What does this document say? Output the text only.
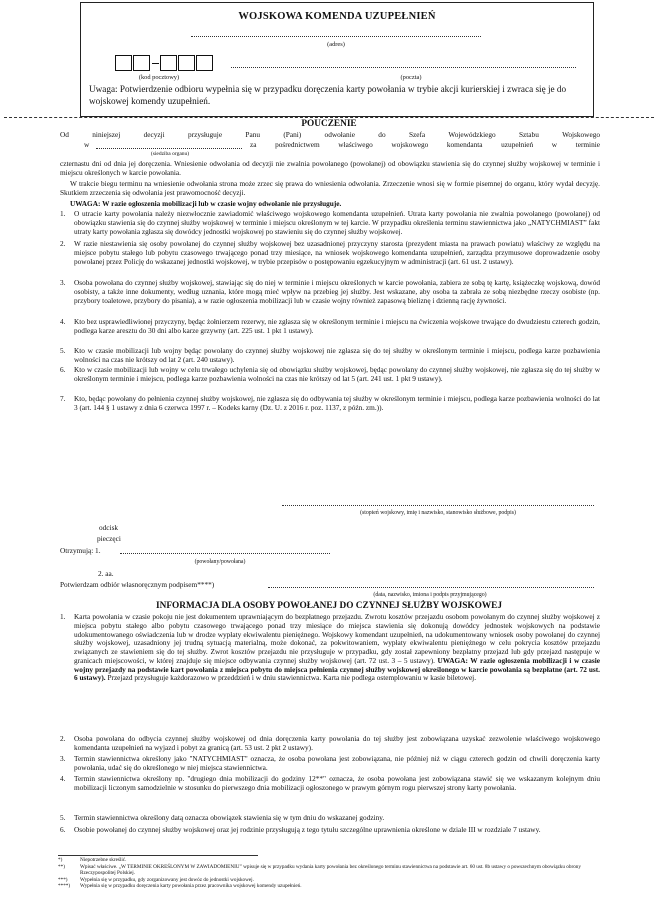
WOJSKOWA KOMENDA UZUPEŁNIEŃ
(adres)
(kod pocztowy)	(poczta)
Uwaga: Potwierdzenie odbioru wypełnia się w przypadku doręczenia karty powołania w trybie akcji kurierskiej i zwraca się je do wojskowej komendy uzupełnień.
POUCZENIE
Od niniejszej decyzji przysługuje Panu (Pani) odwołanie do Szefa Wojewódzkiego Sztabu Wojskowego
w	za pośrednictwem właściwego wojskowego komendanta uzupełnień w terminie
(siedziba organu)
czternastu dni od dnia jej doręczenia. Wniesienie odwołania od decyzji nie zwalnia powołanego (powołanej) od obowiązku stawienia się do czynnej służby wojskowej w terminie i miejscu określonych w karcie powołania.
W trakcie biegu terminu na wniesienie odwołania strona może zrzec się prawa do wniesienia odwołania. Zrzeczenie wnosi się w formie pisemnej do organu, który wydał decyzję. Skutkiem zrzeczenia się odwołania jest prawomocność decyzji.
UWAGA: W razie ogłoszenia mobilizacji lub w czasie wojny odwołanie nie przysługuje.
1.	O utracie karty powołania należy niezwłocznie zawiadomić właściwego wojskowego komendanta uzupełnień. Utrata karty powołania nie zwalnia powołanego (powołanej) od obowiązku stawienia się do czynnej służby wojskowej w terminie i miejscu określonym w tej karcie. W przypadku określenia terminu stawiennictwa jako „NATYCHMIAST” fakt utraty karty powołania zgłasza się dowódcy jednostki wojskowej po stawieniu się do czynnej służby wojskowej.
2.	W razie niestawienia się osoby powołanej do czynnej służby wojskowej bez uzasadnionej przyczyny starosta (prezydent miasta na prawach powiatu) właściwy ze względu na miejsce pobytu stałego lub pobytu czasowego trwającego ponad trzy miesiące, na wniosek wojskowego komendanta uzupełnień, zarządza przymusowe doprowadzenie osoby powołanej przez Policję do wskazanej jednostki wojskowej, w trybie przepisów o postępowaniu egzekucyjnym w administracji (art. 61 ust. 2 ustawy).
3.	Osoba powołana do czynnej służby wojskowej, stawiając się do niej w terminie i miejscu określonych w karcie powołania, zabiera ze sobą tę kartę, książeczkę wojskową, dowód osobisty, a także inne dokumenty, według uznania, które mogą mieć wpływ na przebieg jej służby. Jest wskazane, aby osoba ta zabrała ze sobą niezbędne rzeczy osobiste (np. przybory toaletowe, przybory do pisania), a w razie ogłoszenia mobilizacji lub w czasie wojny również zapasową bieliznę i dzienną rację żywności.
4.	Kto bez usprawiedliwionej przyczyny, będąc żołnierzem rezerwy, nie zgłasza się w określonym terminie i miejscu na ćwiczenia wojskowe trwające do dwudziestu czterech godzin, podlega karze aresztu do 30 dni albo karze grzywny (art. 225 ust. 1 pkt 1 ustawy).
5.	Kto w czasie mobilizacji lub wojny będąc powołany do czynnej służby wojskowej nie zgłasza się do tej służby w określonym terminie i miejscu, podlega karze pozbawienia wolności na czas nie krótszy od lat 2 (art. 240 ustawy).
6.	Kto w czasie mobilizacji lub wojny w celu trwałego uchylenia się od obowiązku służby wojskowej, będąc powołany do czynnej służby wojskowej, nie zgłasza się do tej służby w określonym terminie i miejscu, podlega karze pozbawienia wolności na czas nie krótszy od lat 5 (art. 241 ust. 1 pkt 9 ustawy).
7.	Kto, będąc powołany do pełnienia czynnej służby wojskowej, nie zgłasza się do odbywania tej służby w określonym terminie i miejscu, podlega karze pozbawienia wolności do lat 3 (art. 144 § 1 ustawy z dnia 6 czerwca 1997 r. – Kodeks karny (Dz. U. z 2016 r. poz. 1137, z późn. zm.)).
(stopień wojskowy, imię i nazwisko, stanowisko służbowe, podpis)
odcisk
pieczęci
Otrzymują: 1.
(powołany/powołana)
2. aa.
Potwierdzam odbiór własnoręcznym podpisem****)
(data, nazwisko, imiona i podpis przyjmującego)
INFORMACJA DLA OSOBY POWOŁANEJ DO CZYNNEJ SŁUŻBY WOJSKOWEJ
1.	Karta powołania w czasie pokoju nie jest dokumentem uprawniającym do bezpłatnego przejazdu. Zwrotu kosztów przejazdu osobom powołanym do czynnej służby wojskowej z miejsca pobytu stałego albo pobytu czasowego trwającego ponad trzy miesiące do miejsca stawienia się dokonują dowódcy jednostek wojskowych na podstawie udokumentowanego oświadczenia lub w drodze wypłaty ekwiwalentu pieniężnego. Wojskowy komendant uzupełnień, na udokumentowany wniosek osoby powołanej do czynnej służby wojskowej, uzasadniony jej trudną sytuacją materialną, może dokonać, za pokwitowaniem, wypłaty ekwiwalentu pieniężnego w celu pokrycia kosztów przejazdu związanych ze stawieniem się do tej służby. Zwrot kosztów przejazdu nie przysługuje w przypadku, gdy został zapewniony bezpłatny przejazd lub gdy przejazd następuje w granicach miejscowości, w której znajduje się miejsce odbywania czynnej służby wojskowej (art. 72 ust. 3 – 5 ustawy). UWAGA: W razie ogłoszenia mobilizacji i w czasie wojny przejazdy na podstawie kart powołania z miejsca pobytu do miejsca pełnienia czynnej służby wojskowej określonego w karcie powołania są bezpłatne (art. 72 ust. 6 ustawy). Przejazd przysługuje każdorazowo w przeddzień i w dniu stawiennictwa. Karta nie podlega ostemplowaniu w kasie biletowej.
2.	Osoba powołana do odbycia czynnej służby wojskowej od dnia doręczenia karty powołania do tej służby jest zobowiązana uzyskać zezwolenie właściwego wojskowego komendanta uzupełnień na wyjazd i pobyt za granicą (art. 53 ust. 2 pkt 2 ustawy).
3.	Termin stawiennictwa określony jako "NATYCHMIAST" oznacza, że osoba powołana jest zobowiązana, nie później niż w ciągu czterech godzin od chwili doręczenia karty powołania, udać się do określonego w niej miejsca stawiennictwa.
4.	Termin stawiennictwa określony np. "drugiego dnia mobilizacji do godziny 12**" oznacza, że osoba powołana jest zobowiązana stawić się we wskazanym kolejnym dniu mobilizacji liczonym samodzielnie w stosunku do pierwszego dnia mobilizacji ogłoszonego w prawym górnym rogu pierwszej strony karty powołania.
5.	Termin stawiennictwa określony datą oznacza obowiązek stawienia się w tym dniu do wskazanej godziny.
6.	Osobie powołanej do czynnej służby wojskowej oraz jej rodzinie przysługują z tego tytułu szczególne uprawnienia określone w dziale III w rozdziale 7 ustawy.
*)	Niepotrzebne skreślić.
**)	Wpisać właściwe. „W TERMINIE OKREŚLONYM W ZAWIADOMIENIU” wpisuje się w przypadku wydania karty powołania bez określonego terminu stawiennictwa na podstawie art. 60 ust. 8b ustawy o powszechnym obowiązku obrony Rzeczypospolitej Polskiej.
***) Wypełnia się w przypadku, gdy zorganizowany jest dowóz do jednostki wojskowej.
****) Wypełnia się w przypadku doręczenia karty powołania przez pracownika wojskowej komendy uzupełnień.
